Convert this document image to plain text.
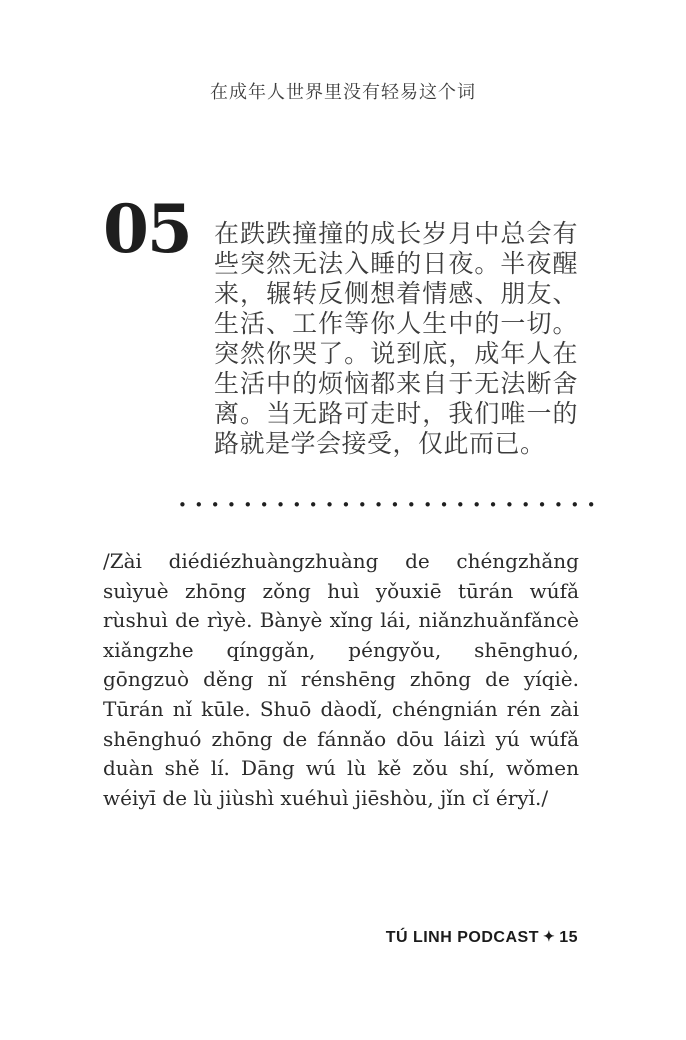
在成年人世界里没有轻易这个词
05 在跌跌撞撞的成长岁月中总会有些突然无法入睡的日夜。半夜醒来，辗转反侧想着情感、朋友、生活、工作等你人生中的一切。突然你哭了。说到底，成年人在生活中的烦恼都来自于无法断舍离。当无路可走时，我们唯一的路就是学会接受，仅此而已。
••••••••••••••••••••••••••
/Zài diédiézhuàngzhuàng de chéngzhǎng suìyuè zhōng zǒng huì yǒuxiē tūrán wúfǎ rùshuì de rìyè. Bànyè xǐng lái, niǎnzhuǎnfǎncè xiǎngzhe qínggǎn, péngyǒu, shēnghuó, gōngzuò děng nǐ rénshēng zhōng de yíqiè. Tūrán nǐ kūle. Shuō dàodǐ, chéngnián rén zài shēnghuó zhōng de fánnǎo dōu láizì yú wúfǎ duàn shě lí. Dāng wú lù kě zǒu shí, wǒmen wéiyī de lù jiùshì xuéhuì jiēshòu, jǐn cǐ éryǐ./
TÚ LINH PODCAST ✦ 15
